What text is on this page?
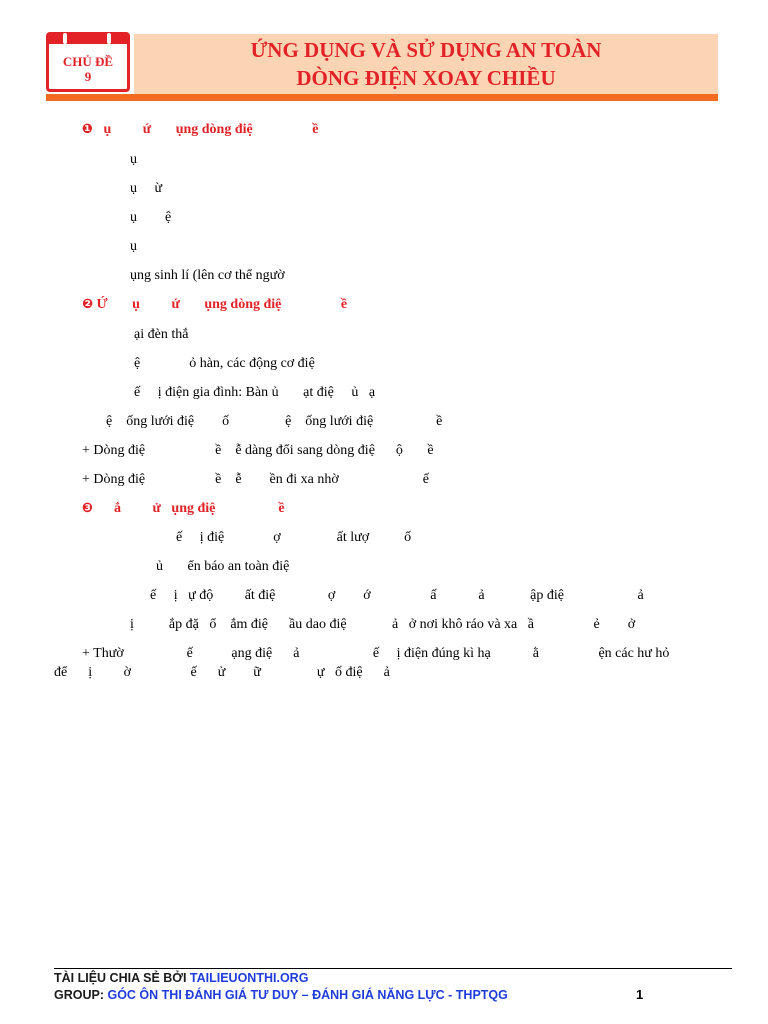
CHỦ ĐỀ
9
ỨNG DỤNG VÀ SỬ DỤNG AN TOÀN
DÒNG ĐIỆN XOAY CHIỀU
❶   ụ         ứ       ụng dòng điệ                 ề
ụ
ụ     ừ
ụ        ệ
ụ
ụng sinh lí (lên cơ thể ngườ
❷ Ứ       ụ         ứ       ụng dòng điệ                 ề
ại đèn thắ
ệ              ỏ hàn, các động cơ điệ
ế     ị điện gia đình: Bàn ủ       ạt điệ     ủ   ạ
ệ    ống lưới điệ        ố                ệ    ống lưới điệ                  ề
+ Dòng điệ                    ề    ễ dàng đổi sang dòng điệ      ộ       ề
+ Dòng điệ                    ề    ễ        ền đi xa nhờ                        ế
❸      ắ         ử   ụng điệ                  ề
ế     ị điệ              ợ                ất lượ          ố
ủ       ển báo an toàn điệ
ế     ị   ự độ         ất điệ               ợ        ớ                 ấ            ả             ập điệ                     ả
ị          ắp đặ   ổ    ắm điệ      ầu dao điệ             ả   ở nơi khô ráo và xa   ầ                 ẻ        ở
+ Thườ                  ế           ạng điệ      ả                     ế     ị điện đúng kì hạ            ằ                 ện các hư hỏ
để      ị         ờ                 ế      ử        ữ                ự   ố điệ      ả
TÀI LIỆU CHIA SẺ BỞI TAILIEUONTHI.ORG
GROUP: GÓC ÔN THI ĐÁNH GIÁ TƯ DUY – ĐÁNH GIÁ NĂNG LỰC - THPTQG	1
